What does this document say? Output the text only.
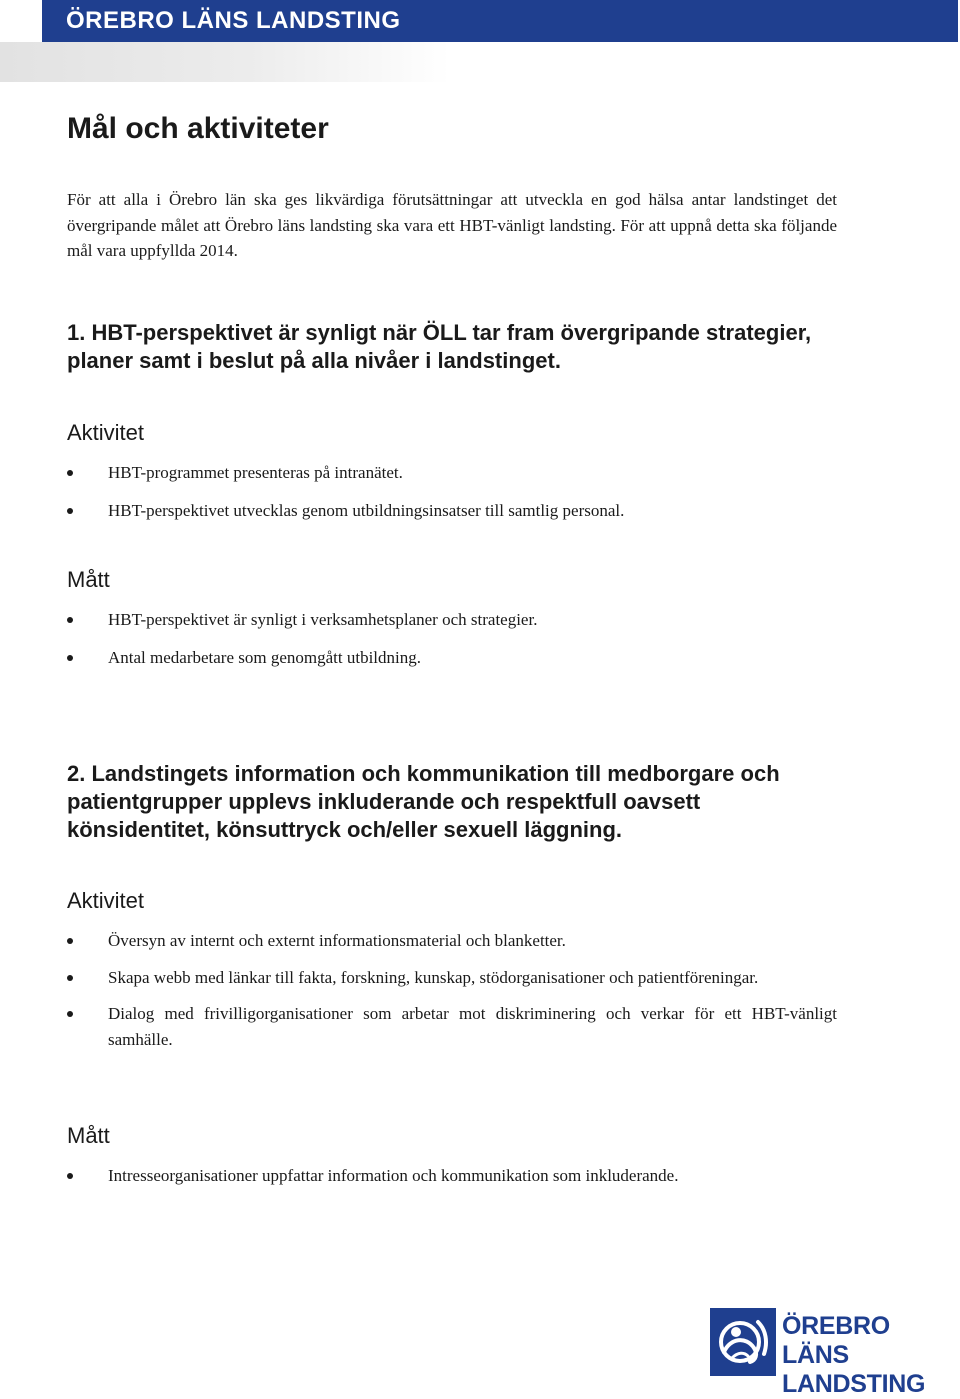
ÖREBRO LÄNS LANDSTING
Mål och aktiviteter

För att alla i Örebro län ska ges likvärdiga förutsättningar att utveckla en god hälsa antar landstinget det övergripande målet att Örebro läns landsting ska vara ett HBT-vänligt landsting. För att uppnå detta ska följande mål vara uppfyllda 2014.

1. HBT-perspektivet är synligt när ÖLL tar fram övergripande strategier, planer samt i beslut på alla nivåer i landstinget.
Aktivitet
HBT-programmet presenteras på intranätet.
HBT-perspektivet utvecklas genom utbildningsinsatser till samtlig personal.
Mått
HBT-perspektivet är synligt i verksamhetsplaner och strategier.
Antal medarbetare som genomgått utbildning.
2. Landstingets information och kommunikation till medborgare och patientgrupper upplevs inkluderande och respektfull oavsett könsidentitet, könsuttryck och/eller sexuell läggning.
Aktivitet
Översyn av internt och externt informationsmaterial och blanketter.
Skapa webb med länkar till fakta, forskning, kunskap, stödorganisationer och patientföreningar.
Dialog med frivilligorganisationer som arbetar mot diskriminering och verkar för ett HBT-vänligt samhälle.
Mått
Intresseorganisationer uppfattar information och kommunikation som inkluderande.
ÖREBRO LÄNS
LANDSTING
